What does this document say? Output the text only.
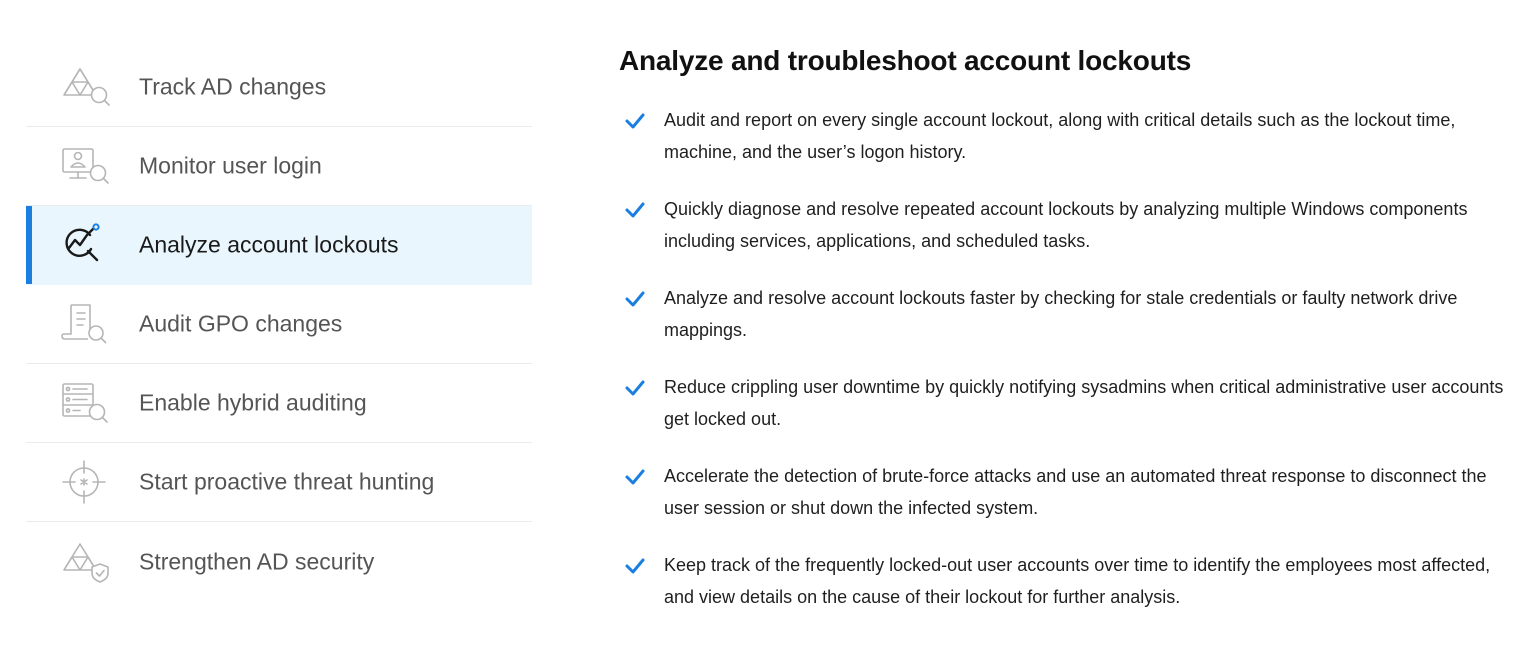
Track AD changes
Monitor user login
Analyze account lockouts
Audit GPO changes
Enable hybrid auditing
Start proactive threat hunting
Strengthen AD security
Analyze and troubleshoot account lockouts
Audit and report on every single account lockout, along with critical details such as the lockout time, machine, and the user’s logon history.
Quickly diagnose and resolve repeated account lockouts by analyzing multiple Windows components including services, applications, and scheduled tasks.
Analyze and resolve account lockouts faster by checking for stale credentials or faulty network drive mappings.
Reduce crippling user downtime by quickly notifying sysadmins when critical administrative user accounts get locked out.
Accelerate the detection of brute-force attacks and use an automated threat response to disconnect the user session or shut down the infected system.
Keep track of the frequently locked-out user accounts over time to identify the employees most affected, and view details on the cause of their lockout for further analysis.
